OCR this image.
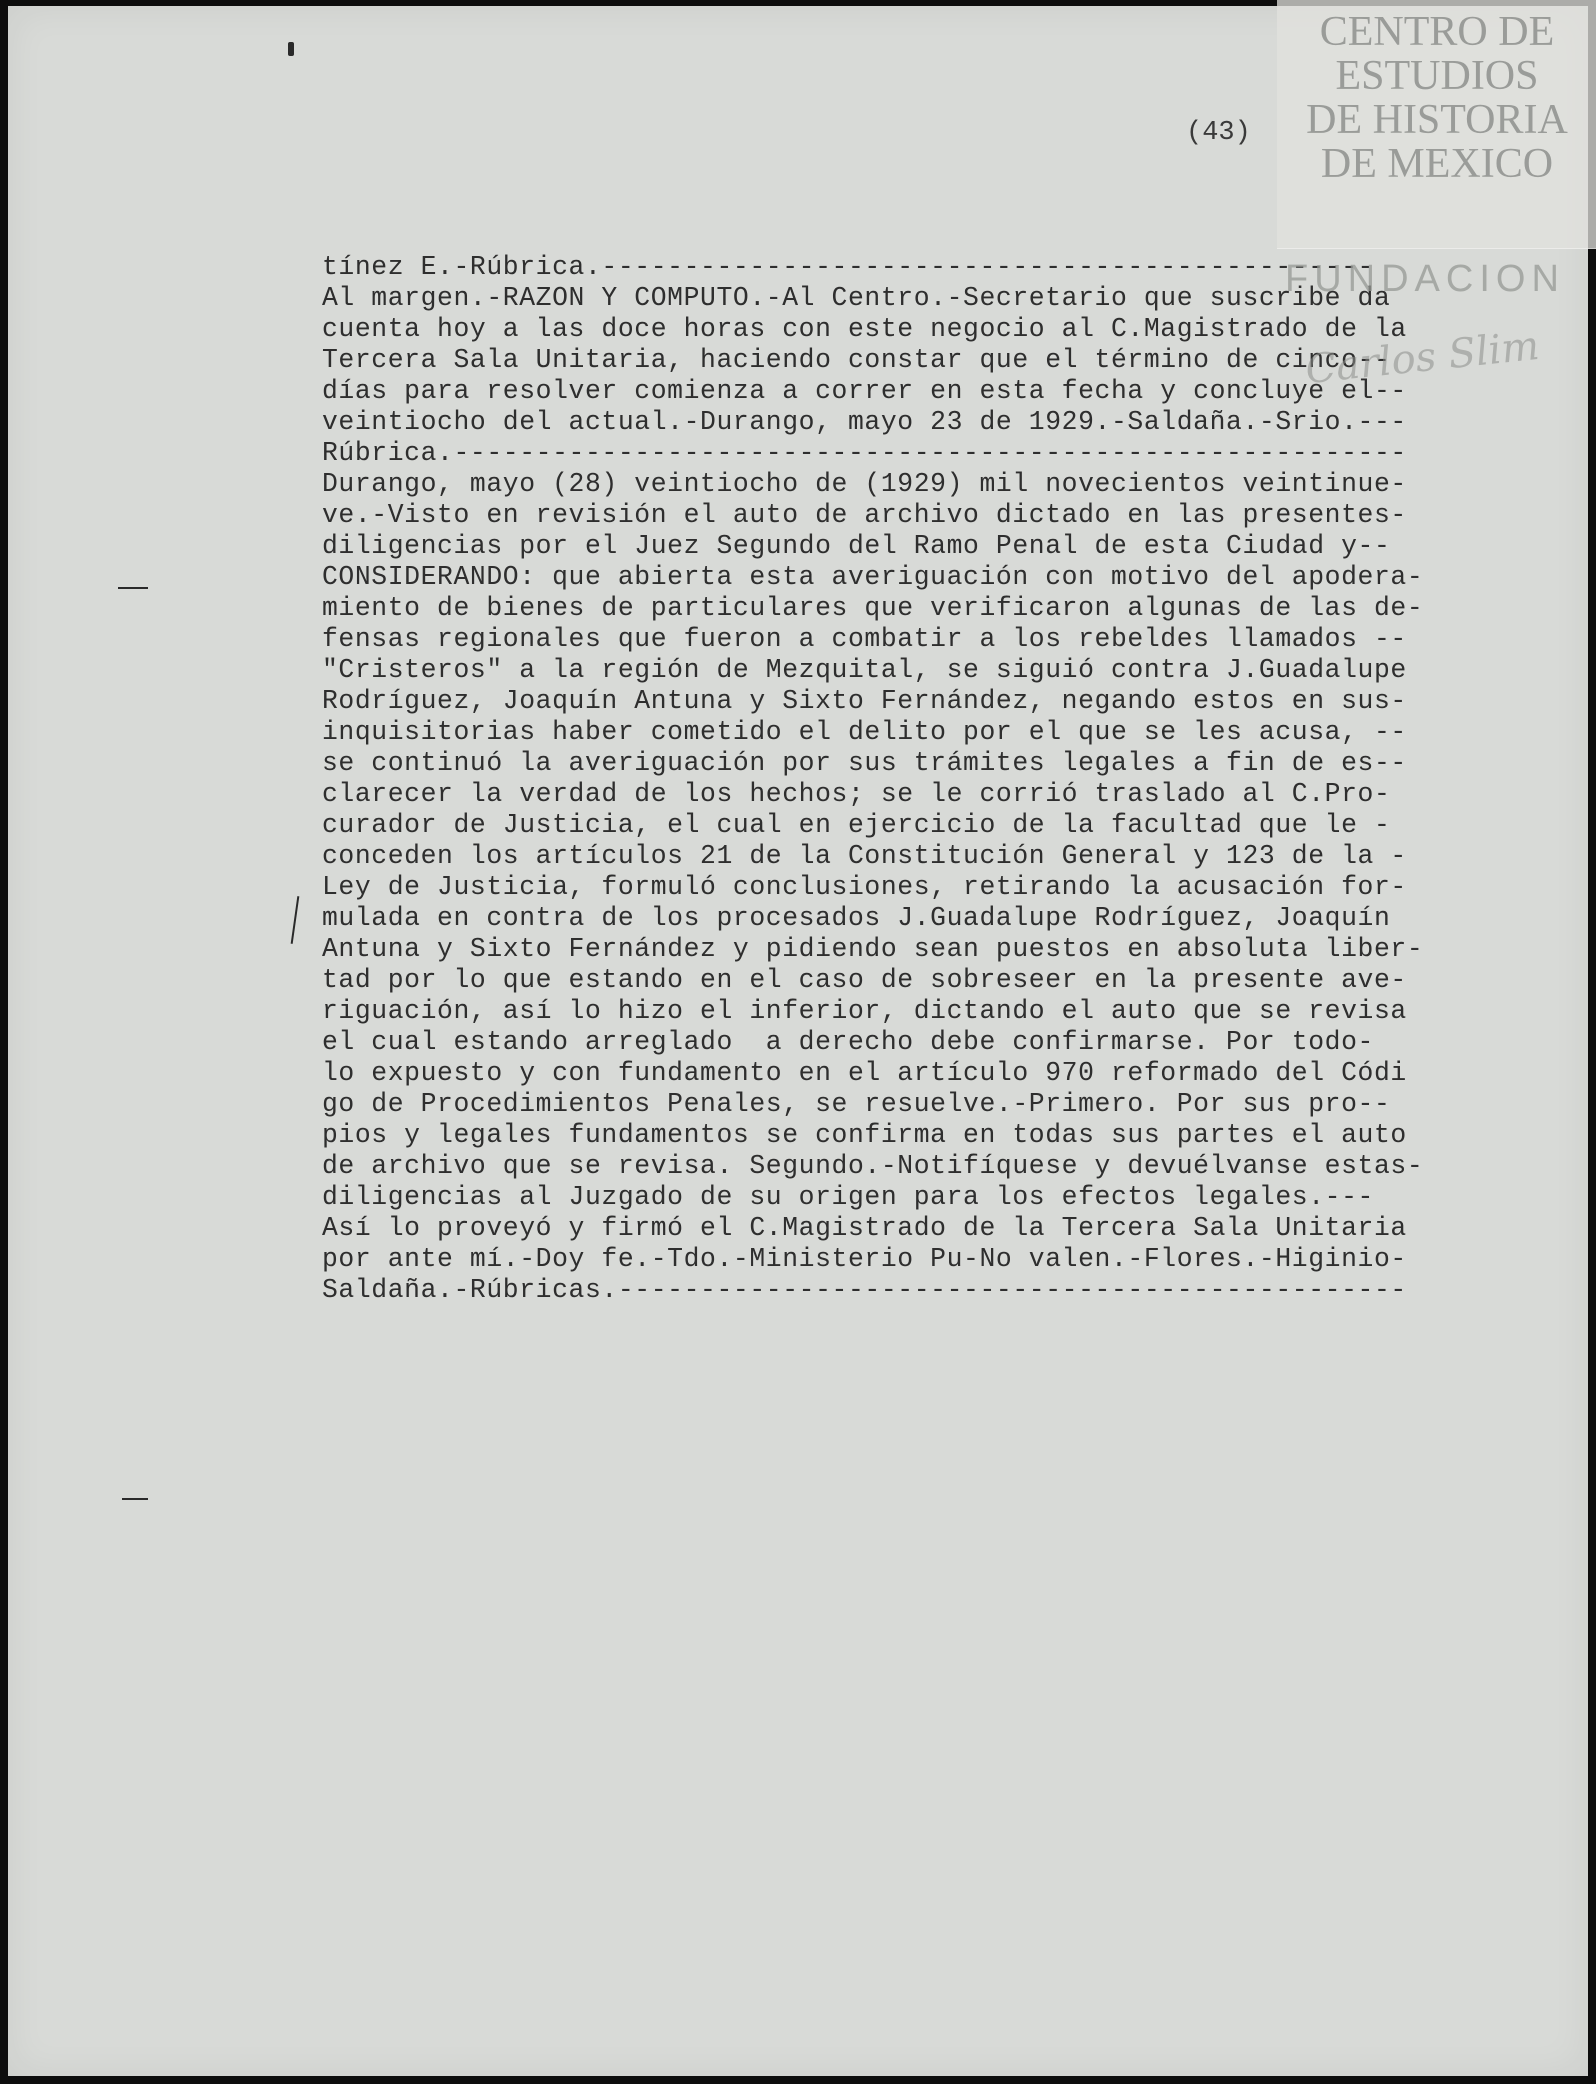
(43)
tínez E.-Rúbrica.-----------------------------------------------
Al margen.-RAZON Y COMPUTO.-Al Centro.-Secretario que suscribe da
cuenta hoy a las doce horas con este negocio al C.Magistrado de la
Tercera Sala Unitaria, haciendo constar que el término de cinco--
días para resolver comienza a correr en esta fecha y concluye el--
veintiocho del actual.-Durango, mayo 23 de 1929.-Saldaña.-Srio.---
Rúbrica.----------------------------------------------------------
Durango, mayo (28) veintiocho de (1929) mil novecientos veintinue-
ve.-Visto en revisión el auto de archivo dictado en las presentes-
diligencias por el Juez Segundo del Ramo Penal de esta Ciudad y--
CONSIDERANDO: que abierta esta averiguación con motivo del apodera-
miento de bienes de particulares que verificaron algunas de las de-
fensas regionales que fueron a combatir a los rebeldes llamados --
"Cristeros" a la región de Mezquital, se siguió contra J.Guadalupe
Rodríguez, Joaquín Antuna y Sixto Fernández, negando estos en sus-
inquisitorias haber cometido el delito por el que se les acusa, --
se continuó la averiguación por sus trámites legales a fin de es--
clarecer la verdad de los hechos; se le corrió traslado al C.Pro-
curador de Justicia, el cual en ejercicio de la facultad que le -
conceden los artículos 21 de la Constitución General y 123 de la -
Ley de Justicia, formuló conclusiones, retirando la acusación for-
mulada en contra de los procesados J.Guadalupe Rodríguez, Joaquín
Antuna y Sixto Fernández y pidiendo sean puestos en absoluta liber-
tad por lo que estando en el caso de sobreseer en la presente ave-
riguación, así lo hizo el inferior, dictando el auto que se revisa
el cual estando arreglado  a derecho debe confirmarse. Por todo-
lo expuesto y con fundamento en el artículo 970 reformado del Códi
go de Procedimientos Penales, se resuelve.-Primero. Por sus pro--
pios y legales fundamentos se confirma en todas sus partes el auto
de archivo que se revisa. Segundo.-Notifíquese y devuélvanse estas-
diligencias al Juzgado de su origen para los efectos legales.---
Así lo proveyó y firmó el C.Magistrado de la Tercera Sala Unitaria
por ante mí.-Doy fe.-Tdo.-Ministerio Pu-No valen.-Flores.-Higinio-
Saldaña.-Rúbricas.------------------------------------------------
CENTRO DE
ESTUDIOS
DE HISTORIA
DE MEXICO
FUNDACION
Carlos Slim
